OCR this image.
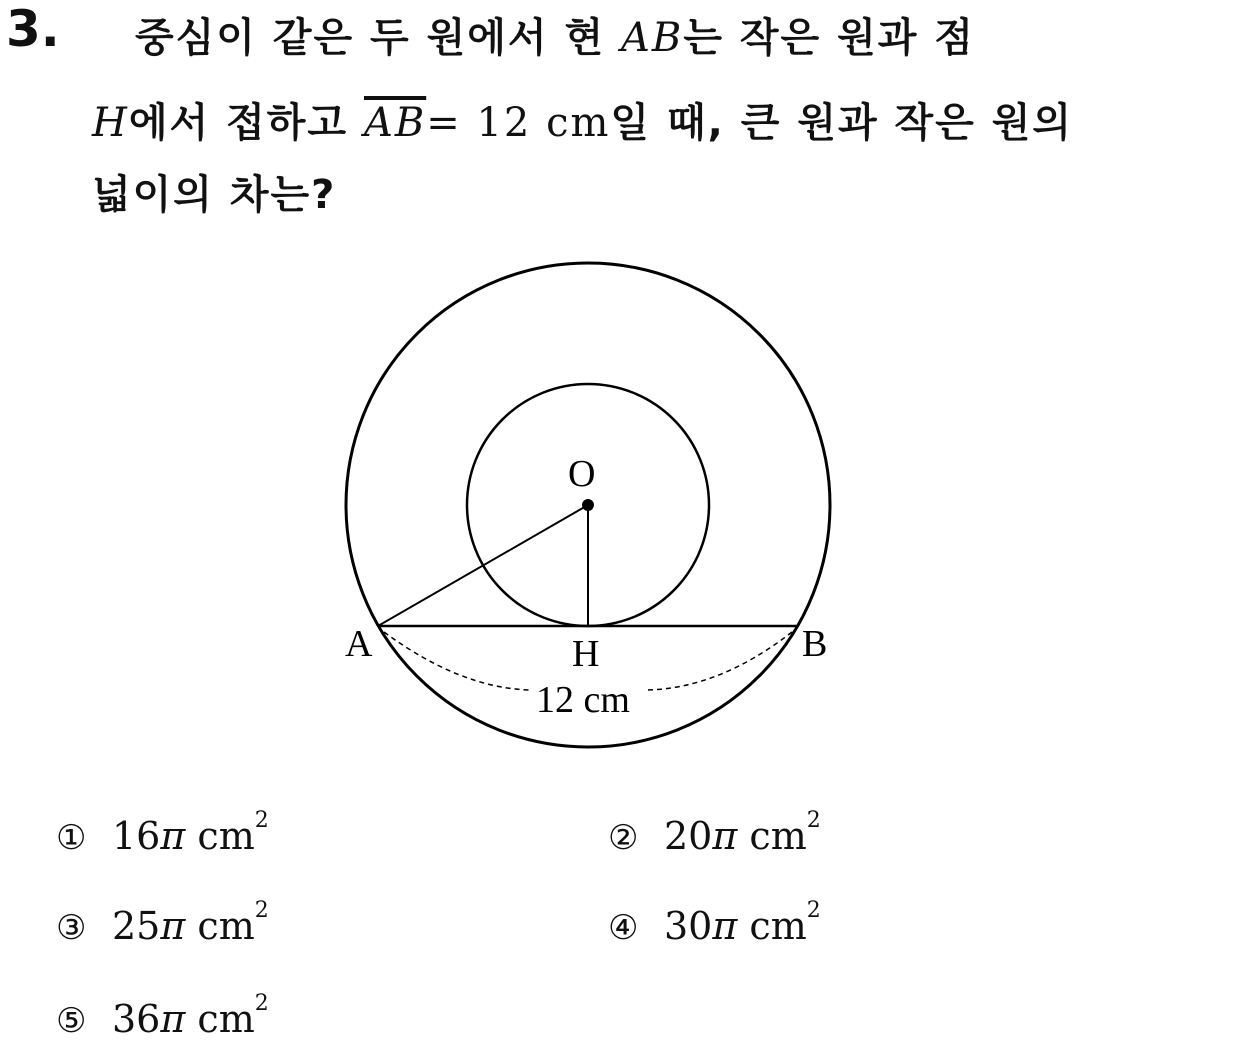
3. 중심이 같은 두 원에서 현 AB는 작은 원과 점
H에서 접하고 $\overline{AB}= 12$ cm일 때, 큰 원과 작은 원의
넓이의 차는?
O
A	H	B
12 cm
① 16π $cm^2$	② 20π $cm^2$
③ 25π $cm^2$	④ 30π $cm^2$
⑤ 36π $cm^2$
